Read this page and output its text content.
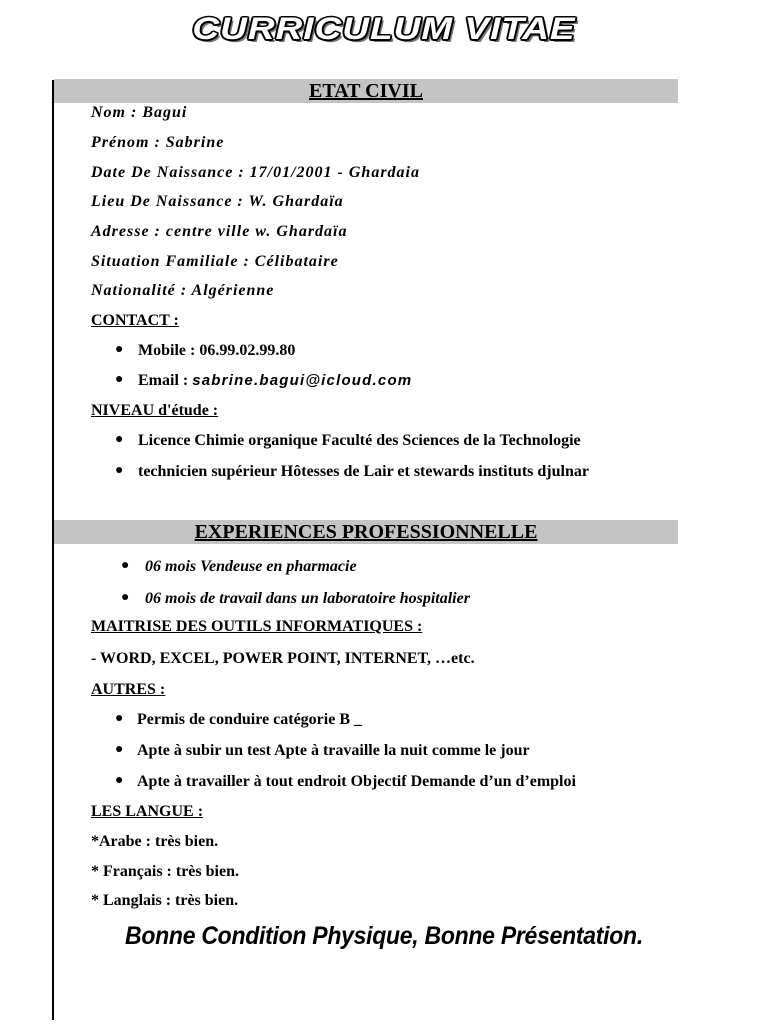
CURRICULUM VITAE
ETAT CIVIL
Nom : Bagui
Prénom : Sabrine
Date De Naissance : 17/01/2001 - Ghardaia
Lieu De Naissance : W. Ghardaïa
Adresse : centre ville w. Ghardaïa
Situation Familiale : Célibataire
Nationalité : Algérienne
CONTACT :
● Mobile : 06.99.02.99.80
● Email : sabrine.bagui@icloud.com
NIVEAU d'étude :
● Licence Chimie organique Faculté des Sciences de la Technologie
● technicien supérieur Hôtesses de Lair et stewards instituts djulnar
EXPERIENCES PROFESSIONNELLE
● 06 mois Vendeuse en pharmacie
● 06 mois de travail dans un laboratoire hospitalier
MAITRISE DES OUTILS INFORMATIQUES :
- WORD, EXCEL, POWER POINT, INTERNET, …etc.
AUTRES :
● Permis de conduire catégorie B _
● Apte à subir un test Apte à travaille la nuit comme le jour
● Apte à travailler à tout endroit Objectif Demande d’un d’emploi
LES LANGUE :
*Arabe : très bien.
* Français : très bien.
* Langlais : très bien.
Bonne Condition Physique, Bonne Présentation.
